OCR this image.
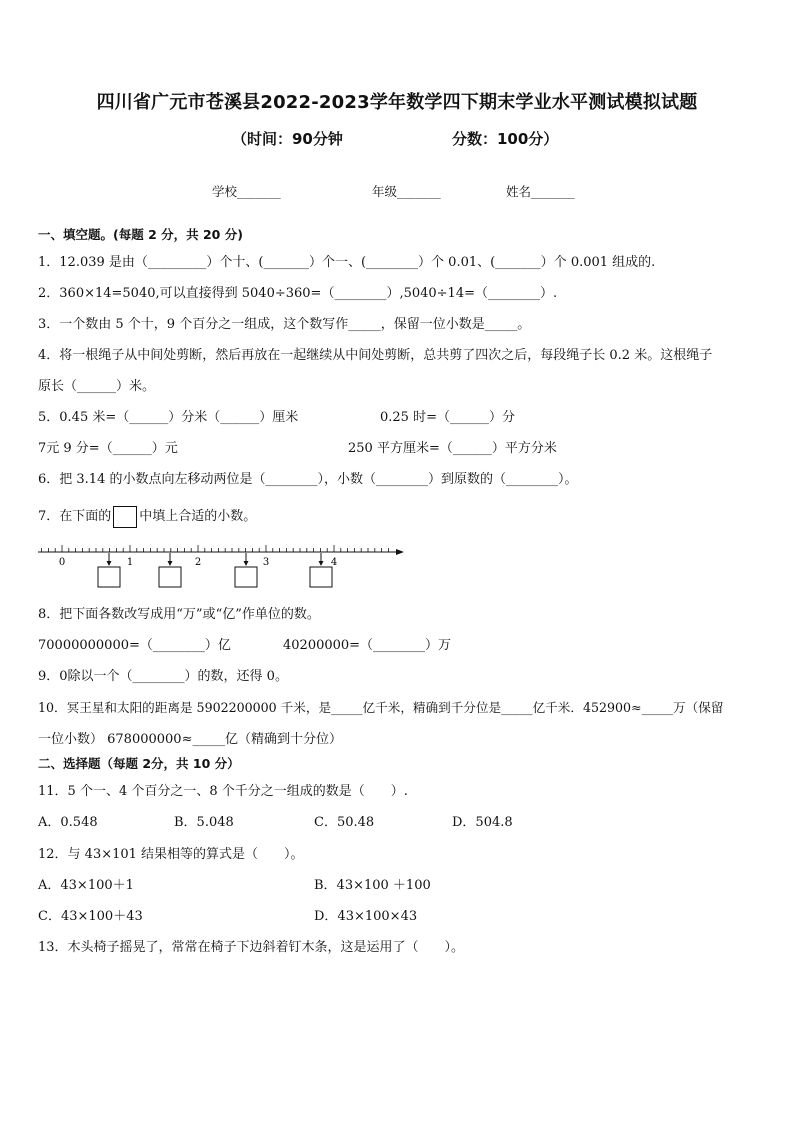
四川省广元市苍溪县2022-2023学年数学四下期末学业水平测试模拟试题
（时间：90分钟	分数：100分）
学校_______	年级_______	姓名_______
一、填空题。(每题 2 分，共 20 分)
1．12.039 是由（_________）个十、(_______）个一、(________）个 0.01、(_______）个 0.001 组成的.
2．360×14=5040,可以直接得到 5040÷360=（________）,5040÷14=（________）.
3．一个数由 5 个十，9 个百分之一组成，这个数写作_____，保留一位小数是_____。
4．将一根绳子从中间处剪断，然后再放在一起继续从中间处剪断，总共剪了四次之后，每段绳子长 0.2 米。这根绳子
原长（______）米。
5．0.45 米=（______）分米（______）厘米	0.25 时=（______）分
7元 9 分=（______）元	250 平方厘米=（______）平方分米
6．把 3.14 的小数点向左移动两位是（________），小数（________）到原数的（________）。
7．在下面的 中填上合适的小数。
0	1	2	3	4
8．把下面各数改写成用“万”或“亿”作单位的数。
70000000000=（________）亿	40200000=（________）万
9．0除以一个（________）的数，还得 0。
10．冥王星和太阳的距离是 5902200000 千米，是_____亿千米，精确到千分位是_____亿千米．452900≈_____万（保留
一位小数） 678000000≈_____亿（精确到十分位）
二、选择题（每题 2分，共 10 分）
11．5 个一、4 个百分之一、8 个千分之一组成的数是（　　）.
A．0.548	B．5.048	C．50.48	D．504.8
12．与 43×101 结果相等的算式是（　　）。
A．43×100＋1	B．43×100 ＋100
C．43×100＋43	D．43×100×43
13．木头椅子摇晃了，常常在椅子下边斜着钉木条，这是运用了（　　）。
